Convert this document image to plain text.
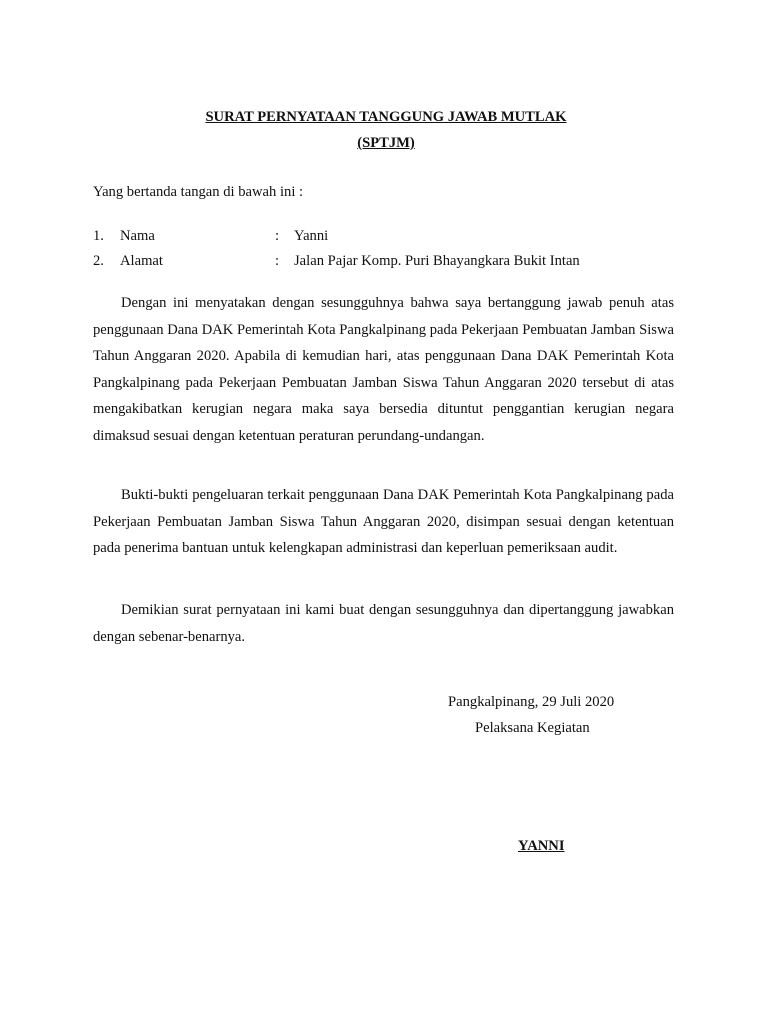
SURAT PERNYATAAN TANGGUNG JAWAB MUTLAK
(SPTJM)
Yang bertanda tangan di bawah ini :
1. Nama	: Yanni
2. Alamat	: Jalan Pajar Komp. Puri Bhayangkara Bukit Intan

Dengan ini menyatakan dengan sesungguhnya bahwa saya bertanggung jawab penuh atas penggunaan Dana DAK Pemerintah Kota Pangkalpinang pada Pekerjaan Pembuatan Jamban Siswa Tahun Anggaran 2020. Apabila di kemudian hari, atas penggunaan Dana DAK Pemerintah Kota Pangkalpinang pada Pekerjaan Pembuatan Jamban Siswa Tahun Anggaran 2020 tersebut di atas mengakibatkan kerugian negara maka saya bersedia dituntut penggantian kerugian negara dimaksud sesuai dengan ketentuan peraturan perundang-undangan.

Bukti-bukti pengeluaran terkait penggunaan Dana DAK Pemerintah Kota Pangkalpinang pada Pekerjaan Pembuatan Jamban Siswa Tahun Anggaran 2020, disimpan sesuai dengan ketentuan pada penerima bantuan untuk kelengkapan administrasi dan keperluan pemeriksaan audit.

Demikian surat pernyataan ini kami buat dengan sesungguhnya dan dipertanggung jawabkan dengan sebenar-benarnya.

Pangkalpinang, 29 Juli 2020
Pelaksana Kegiatan
YANNI
